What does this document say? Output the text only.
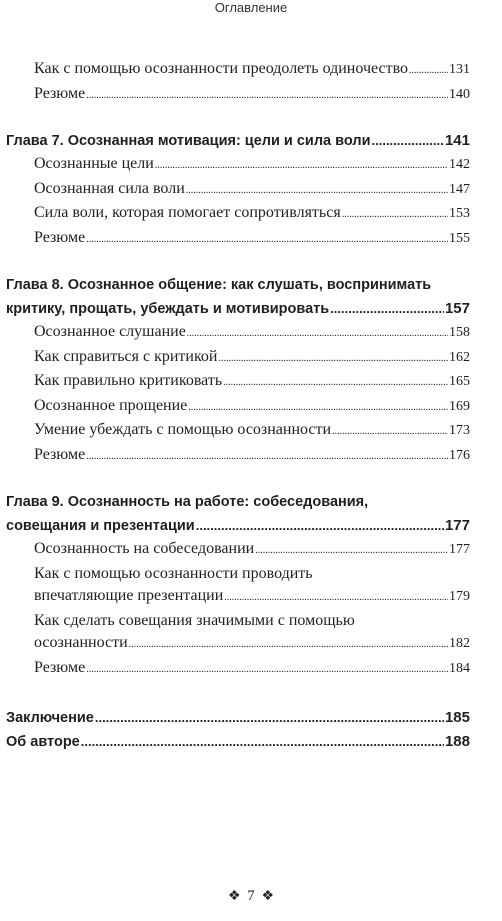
Оглавление
Как с помощью осознанности преодолеть одиночество .....	131
Резюме .....	140
Глава 7. Осознанная мотивация: цели и сила воли .....	141
Осознанные цели .....	142
Осознанная сила воли .....	147
Сила воли, которая помогает сопротивляться .....	153
Резюме .....	155
Глава 8. Осознанное общение: как слушать, воспринимать
критику, прощать, убеждать и мотивировать .....	157
Осознанное слушание .....	158
Как справиться с критикой .....	162
Как правильно критиковать .....	165
Осознанное прощение .....	169
Умение убеждать с помощью осознанности .....	173
Резюме .....	176
Глава 9. Осознанность на работе: собеседования,
совещания и презентации .....	177
Осознанность на собеседовании .....	177
Как с помощью осознанности проводить
впечатляющие презентации .....	179
Как сделать совещания значимыми с помощью
осознанности .....	182
Резюме .....	184
Заключение .....	185
Об авторе .....	188
❖ 7 ❖
